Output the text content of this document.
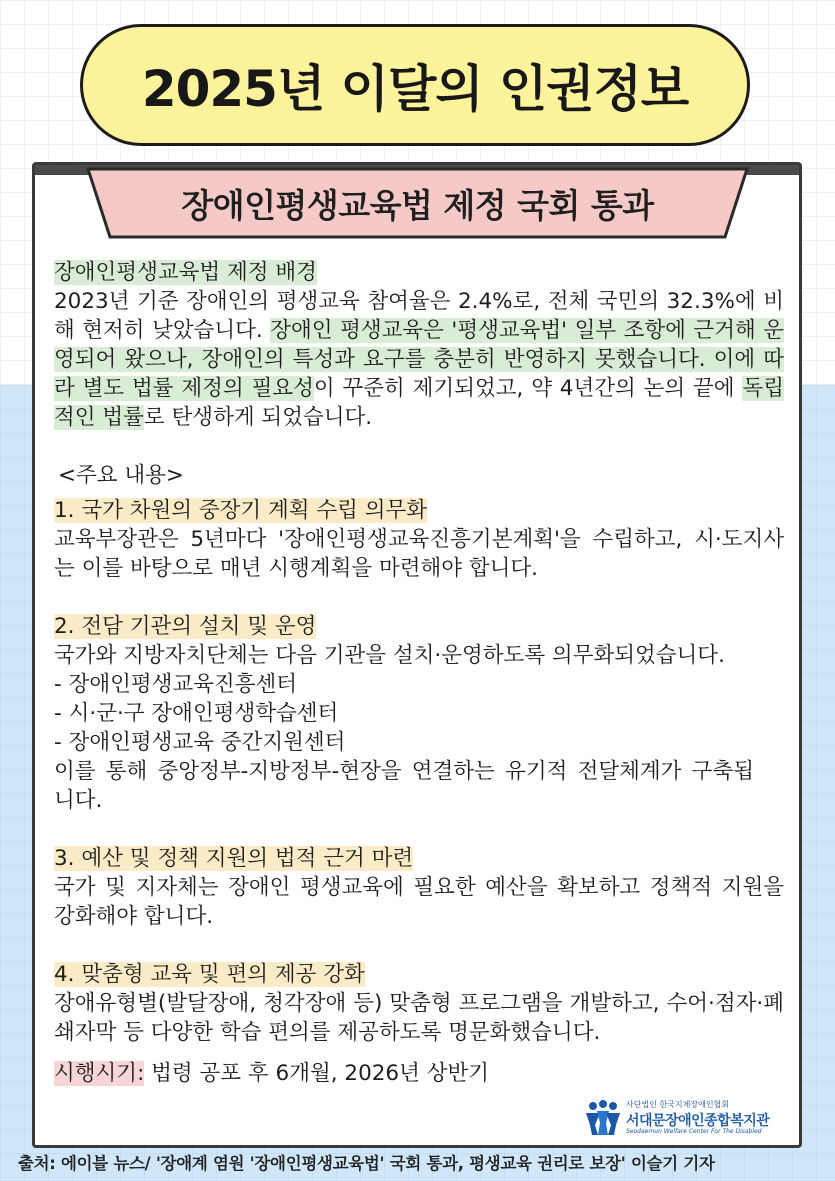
2025년 이달의 인권정보
장애인평생교육법 제정 국회 통과
장애인평생교육법 제정 배경

2023년 기준 장애인의 평생교육 참여율은 2.4%로, 전체 국민의 32.3%에 비해 현저히 낮았습니다. 장애인 평생교육은 '평생교육법' 일부 조항에 근거해 운영되어 왔으나, 장애인의 특성과 요구를 충분히 반영하지 못했습니다. 이에 따라 별도 법률 제정의 필요성이 꾸준히 제기되었고, 약 4년간의 논의 끝에 독립적인 법률로 탄생하게 되었습니다.

<주요 내용>
1. 국가 차원의 중장기 계획 수립 의무화

교육부장관은 5년마다 '장애인평생교육진흥기본계획'을 수립하고, 시·도지사는 이를 바탕으로 매년 시행계획을 마련해야 합니다.

2. 전담 기관의 설치 및 운영

국가와 지방자치단체는 다음 기관을 설치·운영하도록 의무화되었습니다.

- 장애인평생교육진흥센터

- 시·군·구 장애인평생학습센터

- 장애인평생교육 중간지원센터

이를 통해 중앙정부-지방정부-현장을 연결하는 유기적 전달체계가 구축됩니다.

3. 예산 및 정책 지원의 법적 근거 마련

국가 및 지자체는 장애인 평생교육에 필요한 예산을 확보하고 정책적 지원을 강화해야 합니다.

4. 맞춤형 교육 및 편의 제공 강화

장애유형별(발달장애, 청각장애 등) 맞춤형 프로그램을 개발하고, 수어·점자·폐쇄자막 등 다양한 학습 편의를 제공하도록 명문화했습니다.

시행시기: 법령 공포 후 6개월, 2026년 상반기
사단법인 한국지체장애인협회
서대문장애인종합복지관
Seodaemun Welfare Center For The Disabled
출처: 에이블 뉴스/ '장애계 염원 '장애인평생교육법' 국회 통과, 평생교육 권리로 보장' 이슬기 기자
